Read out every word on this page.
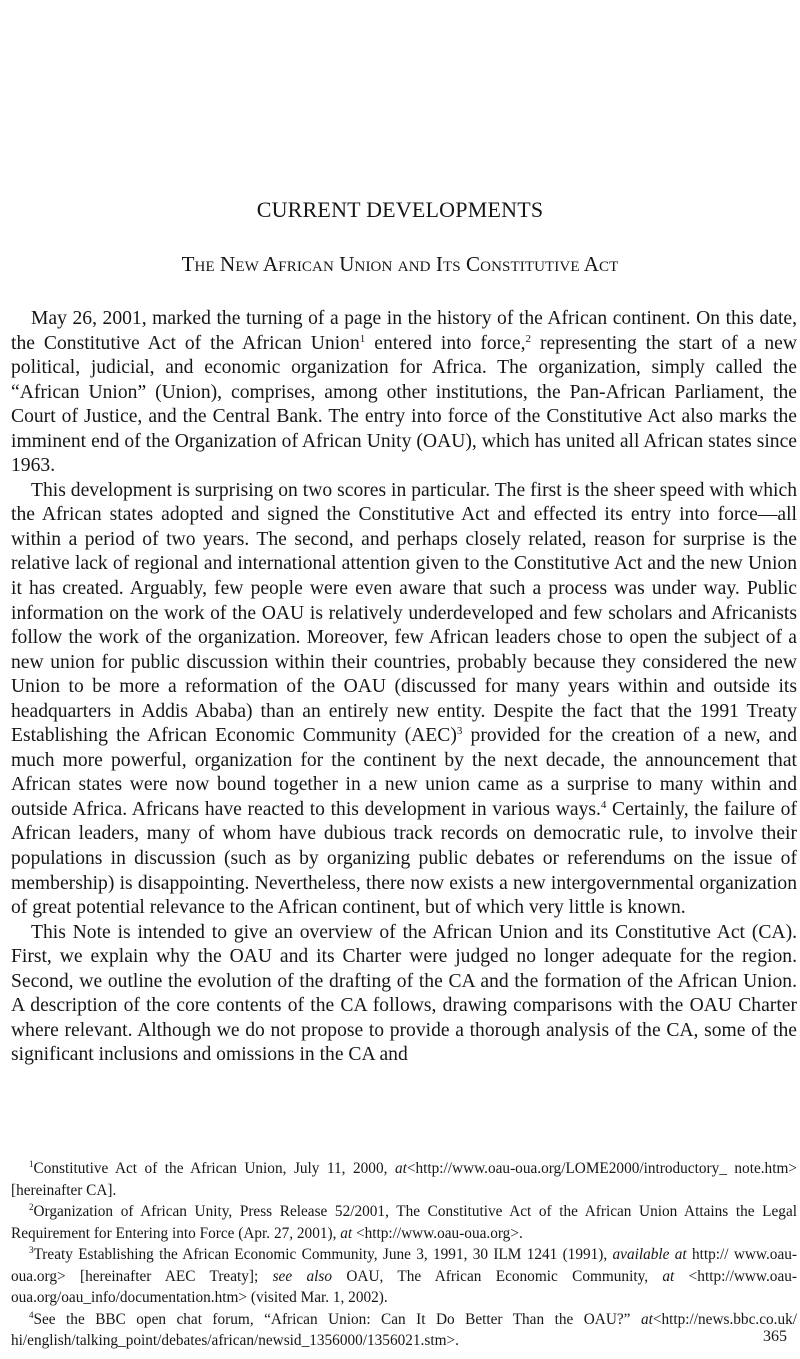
CURRENT DEVELOPMENTS
The New African Union and Its Constitutive Act

May 26, 2001, marked the turning of a page in the history of the African continent. On this date, the Constitutive Act of the African Union$^1$ entered into force,$^2$ representing the start of a new political, judicial, and economic organization for Africa. The organization, simply called the “African Union” (Union), comprises, among other institutions, the Pan-African Parliament, the Court of Justice, and the Central Bank. The entry into force of the Constitutive Act also marks the imminent end of the Organization of African Unity (OAU), which has united all African states since 1963.

This development is surprising on two scores in particular. The first is the sheer speed with which the African states adopted and signed the Constitutive Act and effected its entry into force—all within a period of two years. The second, and perhaps closely related, reason for surprise is the relative lack of regional and international attention given to the Constitutive Act and the new Union it has created. Arguably, few people were even aware that such a process was under way. Public information on the work of the OAU is relatively underdeveloped and few scholars and Africanists follow the work of the organization. Moreover, few African leaders chose to open the subject of a new union for public discussion within their countries, probably because they considered the new Union to be more a reformation of the OAU (discussed for many years within and outside its headquarters in Addis Ababa) than an entirely new entity. Despite the fact that the 1991 Treaty Establishing the African Economic Community (AEC)$^3$ provided for the creation of a new, and much more powerful, organization for the continent by the next decade, the announcement that African states were now bound together in a new union came as a surprise to many within and outside Africa. Africans have reacted to this development in various ways.$^4$ Certainly, the failure of African leaders, many of whom have dubious track records on democratic rule, to involve their populations in discussion (such as by organizing public debates or referendums on the issue of membership) is disappointing. Nevertheless, there now exists a new intergovernmental organization of great potential relevance to the African continent, but of which very little is known.

This Note is intended to give an overview of the African Union and its Constitutive Act (CA). First, we explain why the OAU and its Charter were judged no longer adequate for the region. Second, we outline the evolution of the drafting of the CA and the formation of the African Union. A description of the core contents of the CA follows, drawing comparisons with the OAU Charter where relevant. Although we do not propose to provide a thorough analysis of the CA, some of the significant inclusions and omissions in the CA and

$^1$Constitutive Act of the African Union, July 11, 2000, at<http://www.oau-oua.org/LOME2000/introductory_ note.htm> [hereinafter CA].

$^2$Organization of African Unity, Press Release 52/2001, The Constitutive Act of the African Union Attains the Legal Requirement for Entering into Force (Apr. 27, 2001), at <http://www.oau-oua.org>.

$^3$Treaty Establishing the African Economic Community, June 3, 1991, 30 ILM 1241 (1991), available at http:// www.oau-oua.org> [hereinafter AEC Treaty]; see also OAU, The African Economic Community, at <http://www.oau-oua.org/oau_info/documentation.htm> (visited Mar. 1, 2002).

$^4$See the BBC open chat forum, “African Union: Can It Do Better Than the OAU?” at<http://news.bbc.co.uk/ hi/english/talking_point/debates/african/newsid_1356000/1356021.stm>.	365
